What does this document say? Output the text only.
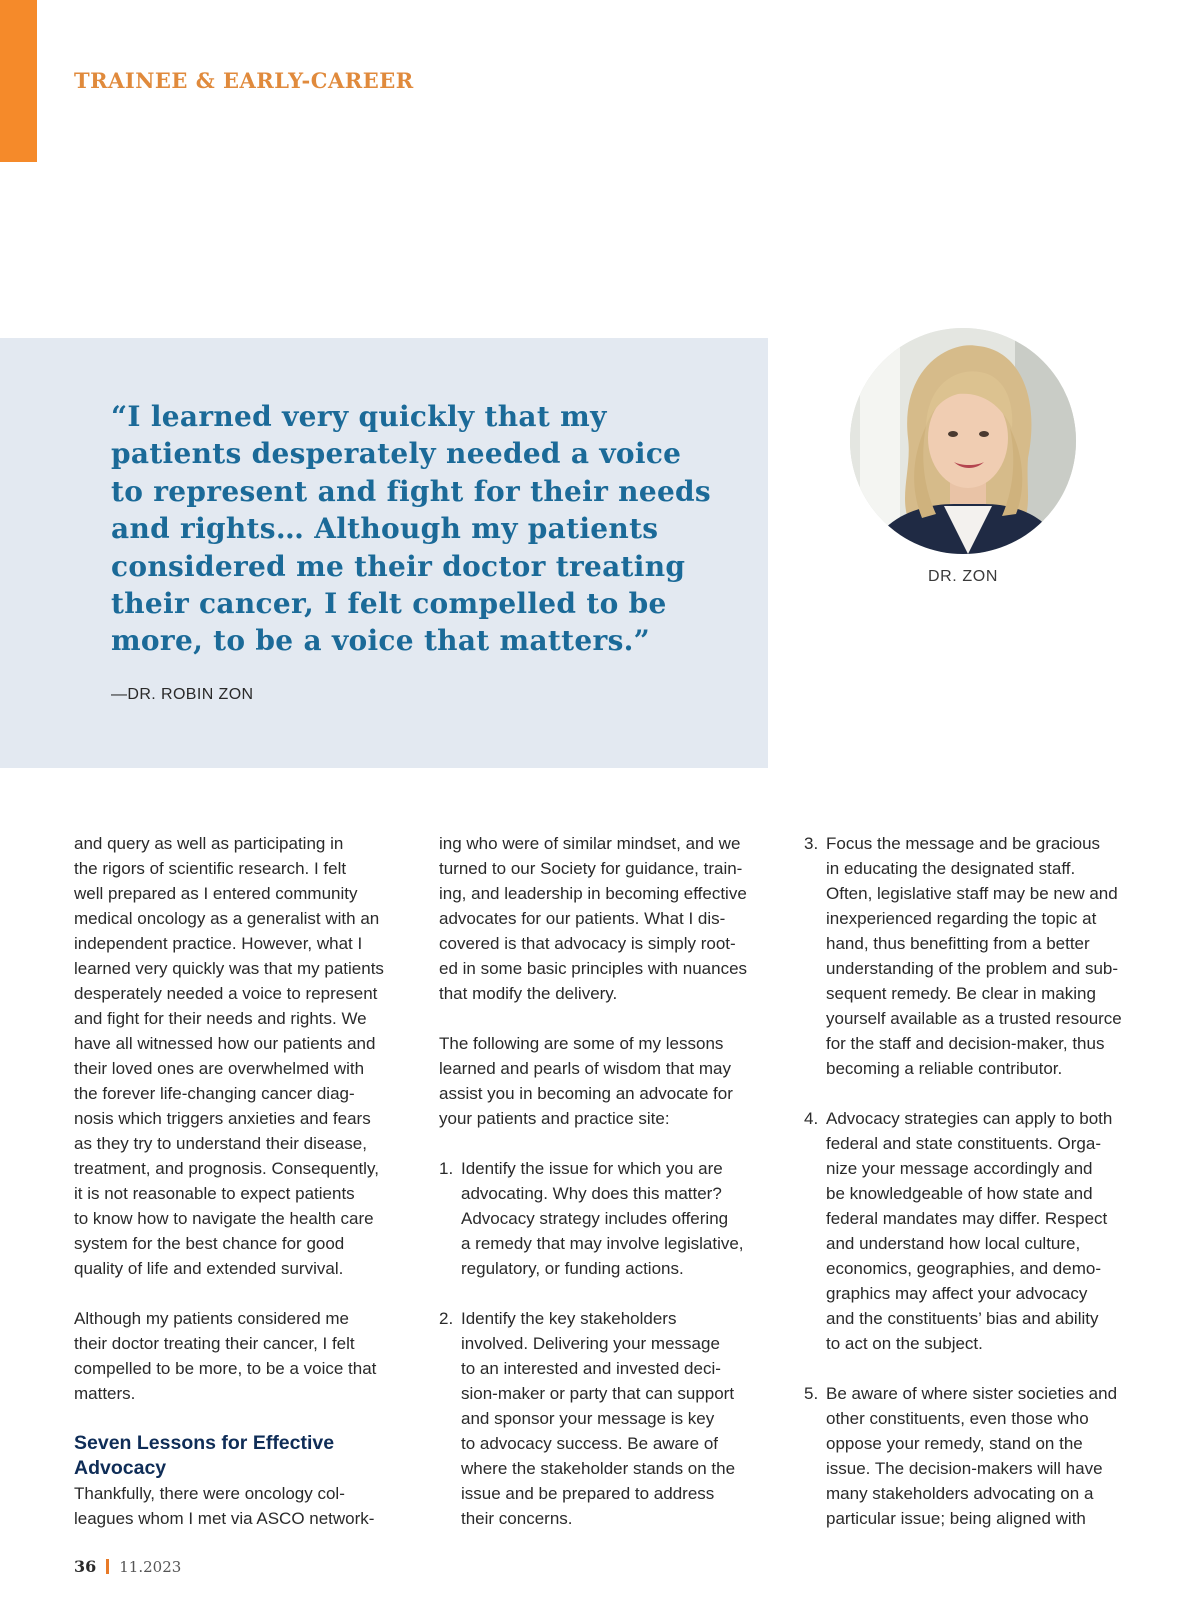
TRAINEE & EARLY-CAREER
“I learned very quickly that my
patients desperately needed a voice
to represent and fight for their needs
and rights… Although my patients
considered me their doctor treating
their cancer, I felt compelled to be
more, to be a voice that matters.”
—DR. ROBIN ZON
DR. ZON
and query as well as participating in
the rigors of scientific research. I felt
well prepared as I entered community
medical oncology as a generalist with an
independent practice. However, what I
learned very quickly was that my patients
desperately needed a voice to represent
and fight for their needs and rights. We
have all witnessed how our patients and
their loved ones are overwhelmed with
the forever life-changing cancer diag-
nosis which triggers anxieties and fears
as they try to understand their disease,
treatment, and prognosis. Consequently,
it is not reasonable to expect patients
to know how to navigate the health care
system for the best chance for good
quality of life and extended survival.
Although my patients considered me
their doctor treating their cancer, I felt
compelled to be more, to be a voice that
matters.
Seven Lessons for Effective
Advocacy
Thankfully, there were oncology col-
leagues whom I met via ASCO network-
ing who were of similar mindset, and we
turned to our Society for guidance, train-
ing, and leadership in becoming effective
advocates for our patients. What I dis-
covered is that advocacy is simply root-
ed in some basic principles with nuances
that modify the delivery.
The following are some of my lessons
learned and pearls of wisdom that may
assist you in becoming an advocate for
your patients and practice site:
1. Identify the issue for which you are
advocating. Why does this matter?
Advocacy strategy includes offering
a remedy that may involve legislative,
regulatory, or funding actions.
2. Identify the key stakeholders
involved. Delivering your message
to an interested and invested deci-
sion-maker or party that can support
and sponsor your message is key
to advocacy success. Be aware of
where the stakeholder stands on the
issue and be prepared to address
their concerns.
3. Focus the message and be gracious
in educating the designated staff.
Often, legislative staff may be new and
inexperienced regarding the topic at
hand, thus benefitting from a better
understanding of the problem and sub-
sequent remedy. Be clear in making
yourself available as a trusted resource
for the staff and decision-maker, thus
becoming a reliable contributor.
4. Advocacy strategies can apply to both
federal and state constituents. Orga-
nize your message accordingly and
be knowledgeable of how state and
federal mandates may differ. Respect
and understand how local culture,
economics, geographies, and demo-
graphics may affect your advocacy
and the constituents’ bias and ability
to act on the subject.
5. Be aware of where sister societies and
other constituents, even those who
oppose your remedy, stand on the
issue. The decision-makers will have
many stakeholders advocating on a
particular issue; being aligned with
36 11.2023
